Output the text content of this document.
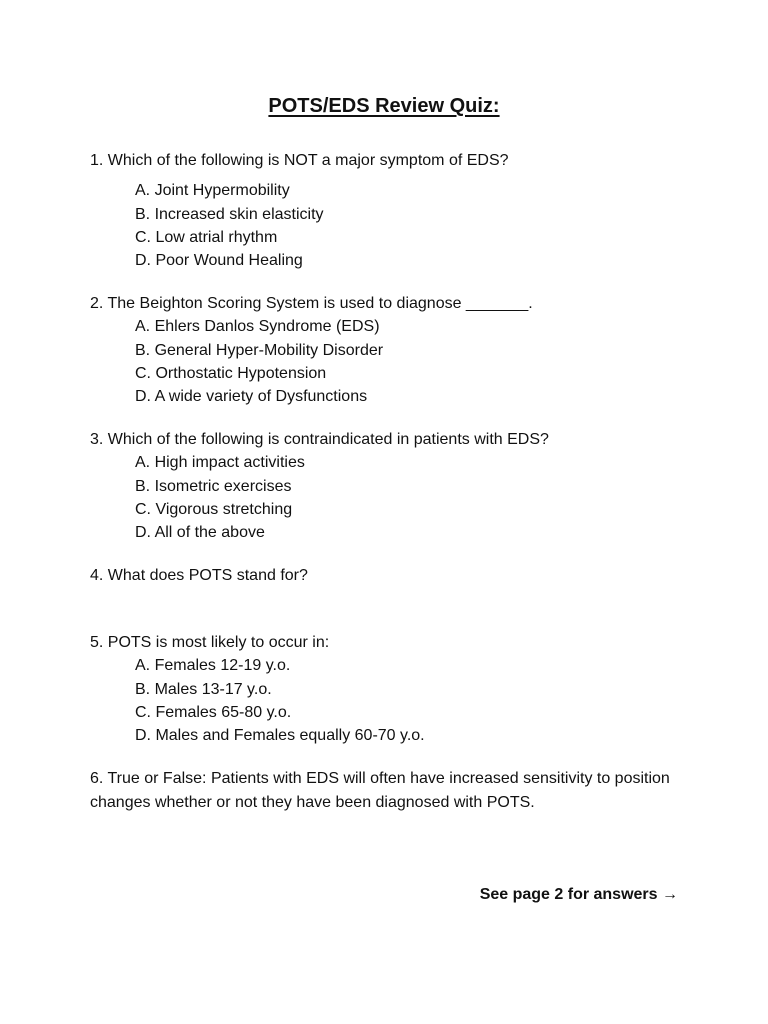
POTS/EDS Review Quiz:

1. Which of the following is NOT a major symptom of EDS?

A. Joint Hypermobility
B. Increased skin elasticity
C. Low atrial rhythm
D. Poor Wound Healing

2. The Beighton Scoring System is used to diagnose _______.

A. Ehlers Danlos Syndrome (EDS)
B. General Hyper-Mobility Disorder
C. Orthostatic Hypotension
D. A wide variety of Dysfunctions

3. Which of the following is contraindicated in patients with EDS?

A. High impact activities
B. Isometric exercises
C. Vigorous stretching
D. All of the above

4. What does POTS stand for?

5. POTS is most likely to occur in:

A. Females 12-19 y.o.
B. Males 13-17 y.o.
C. Females 65-80 y.o.
D. Males and Females equally 60-70 y.o.

6. True or False: Patients with EDS will often have increased sensitivity to position changes whether or not they have been diagnosed with POTS.

See page 2 for answers →
